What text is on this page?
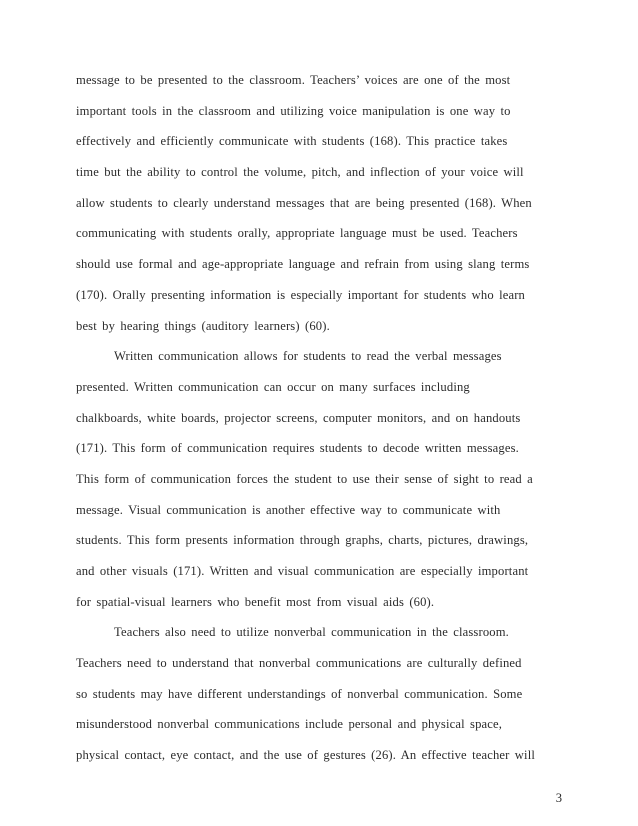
message to be presented to the classroom. Teachers’ voices are one of the most
important tools in the classroom and utilizing voice manipulation is one way to
effectively and efficiently communicate with students (168). This practice takes
time but the ability to control the volume, pitch, and inflection of your voice will
allow students to clearly understand messages that are being presented (168). When
communicating with students orally, appropriate language must be used. Teachers
should use formal and age-appropriate language and refrain from using slang terms
(170). Orally presenting information is especially important for students who learn
best by hearing things (auditory learners) (60).
Written communication allows for students to read the verbal messages
presented. Written communication can occur on many surfaces including
chalkboards, white boards, projector screens, computer monitors, and on handouts
(171). This form of communication requires students to decode written messages.
This form of communication forces the student to use their sense of sight to read a
message. Visual communication is another effective way to communicate with
students. This form presents information through graphs, charts, pictures, drawings,
and other visuals (171). Written and visual communication are especially important
for spatial-visual learners who benefit most from visual aids (60).
Teachers also need to utilize nonverbal communication in the classroom.
Teachers need to understand that nonverbal communications are culturally defined
so students may have different understandings of nonverbal communication. Some
misunderstood nonverbal communications include personal and physical space,
physical contact, eye contact, and the use of gestures (26). An effective teacher will
3
